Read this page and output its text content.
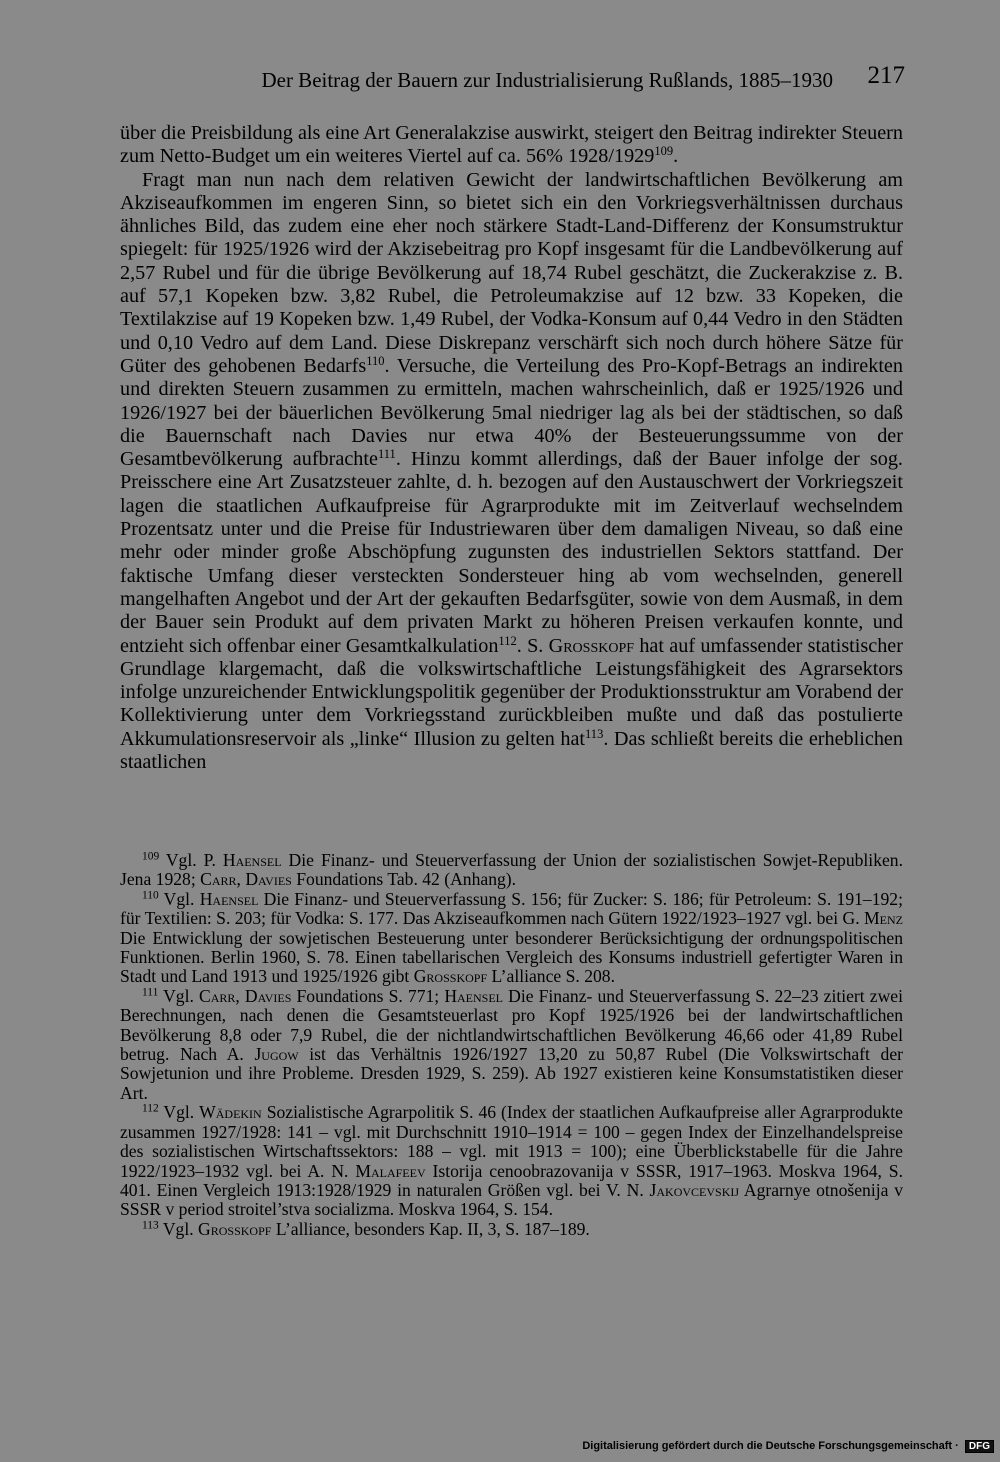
Der Beitrag der Bauern zur Industrialisierung Rußlands, 1885–1930 217

über die Preisbildung als eine Art Generalakzise auswirkt, steigert den Beitrag indirekter Steuern zum Netto-Budget um ein weiteres Viertel auf ca. 56% 1928/1929$^{109}$.

Fragt man nun nach dem relativen Gewicht der landwirtschaftlichen Bevölkerung am Akziseaufkommen im engeren Sinn, so bietet sich ein den Vorkriegsverhältnissen durchaus ähnliches Bild, das zudem eine eher noch stärkere Stadt-Land-Differenz der Konsumstruktur spiegelt: für 1925/1926 wird der Akzisebeitrag pro Kopf insgesamt für die Landbevölkerung auf 2,57 Rubel und für die übrige Bevölkerung auf 18,74 Rubel geschätzt, die Zuckerakzise z. B. auf 57,1 Kopeken bzw. 3,82 Rubel, die Petroleumakzise auf 12 bzw. 33 Kopeken, die Textilakzise auf 19 Kopeken bzw. 1,49 Rubel, der Vodka-Konsum auf 0,44 Vedro in den Städten und 0,10 Vedro auf dem Land. Diese Diskrepanz verschärft sich noch durch höhere Sätze für Güter des gehobenen Bedarfs$^{110}$. Versuche, die Verteilung des Pro-Kopf-Betrags an indirekten und direkten Steuern zusammen zu ermitteln, machen wahrscheinlich, daß er 1925/1926 und 1926/1927 bei der bäuerlichen Bevölkerung 5mal niedriger lag als bei der städtischen, so daß die Bauernschaft nach Davies nur etwa 40% der Besteuerungssumme von der Gesamtbevölkerung aufbrachte$^{111}$. Hinzu kommt allerdings, daß der Bauer infolge der sog. Preisschere eine Art Zusatzsteuer zahlte, d. h. bezogen auf den Austauschwert der Vorkriegszeit lagen die staatlichen Aufkaufpreise für Agrarprodukte mit im Zeitverlauf wechselndem Prozentsatz unter und die Preise für Industriewaren über dem damaligen Niveau, so daß eine mehr oder minder große Abschöpfung zugunsten des industriellen Sektors stattfand. Der faktische Umfang dieser versteckten Sondersteuer hing ab vom wechselnden, generell mangelhaften Angebot und der Art der gekauften Bedarfsgüter, sowie von dem Ausmaß, in dem der Bauer sein Produkt auf dem privaten Markt zu höheren Preisen verkaufen konnte, und entzieht sich offenbar einer Gesamtkalkulation$^{112}$. S. Grosskopf hat auf umfassender statistischer Grundlage klargemacht, daß die volkswirtschaftliche Leistungsfähigkeit des Agrarsektors infolge unzureichender Entwicklungspolitik gegenüber der Produktionsstruktur am Vorabend der Kollektivierung unter dem Vorkriegsstand zurückbleiben mußte und daß das postulierte Akkumulationsreservoir als „linke“ Illusion zu gelten hat$^{113}$. Das schließt bereits die erheblichen staatlichen

$^{109}$ Vgl. P. Haensel Die Finanz- und Steuerverfassung der Union der sozialistischen Sowjet-Republiken. Jena 1928; Carr, Davies Foundations Tab. 42 (Anhang).

$^{110}$ Vgl. Haensel Die Finanz- und Steuerverfassung S. 156; für Zucker: S. 186; für Petroleum: S. 191–192; für Textilien: S. 203; für Vodka: S. 177. Das Akziseaufkommen nach Gütern 1922/1923–1927 vgl. bei G. Menz Die Entwicklung der sowjetischen Besteuerung unter besonderer Berücksichtigung der ordnungspolitischen Funktionen. Berlin 1960, S. 78. Einen tabellarischen Vergleich des Konsums industriell gefertigter Waren in Stadt und Land 1913 und 1925/1926 gibt Grosskopf L’alliance S. 208.

$^{111}$ Vgl. Carr, Davies Foundations S. 771; Haensel Die Finanz- und Steuerverfassung S. 22–23 zitiert zwei Berechnungen, nach denen die Gesamtsteuerlast pro Kopf 1925/1926 bei der landwirtschaftlichen Bevölkerung 8,8 oder 7,9 Rubel, die der nichtlandwirtschaftlichen Bevölkerung 46,66 oder 41,89 Rubel betrug. Nach A. Jugow ist das Verhältnis 1926/1927 13,20 zu 50,87 Rubel (Die Volkswirtschaft der Sowjetunion und ihre Probleme. Dresden 1929, S. 259). Ab 1927 existieren keine Konsumstatistiken dieser Art.

$^{112}$ Vgl. Wädekin Sozialistische Agrarpolitik S. 46 (Index der staatlichen Aufkaufpreise aller Agrarprodukte zusammen 1927/1928: 141 – vgl. mit Durchschnitt 1910–1914 = 100 – gegen Index der Einzelhandelspreise des sozialistischen Wirtschaftssektors: 188 – vgl. mit 1913 = 100); eine Überblickstabelle für die Jahre 1922/1923–1932 vgl. bei A. N. Malafeev Istorija cenoobrazovanija v SSSR, 1917–1963. Moskva 1964, S. 401. Einen Vergleich 1913:1928/1929 in naturalen Größen vgl. bei V. N. Jakovcevskij Agrarnye otnošenija v SSSR v period stroitel’stva socializma. Moskva 1964, S. 154.

$^{113}$ Vgl. Grosskopf L’alliance, besonders Kap. II, 3, S. 187–189.

Digitalisierung gefördert durch die Deutsche Forschungsgemeinschaft · DFG
